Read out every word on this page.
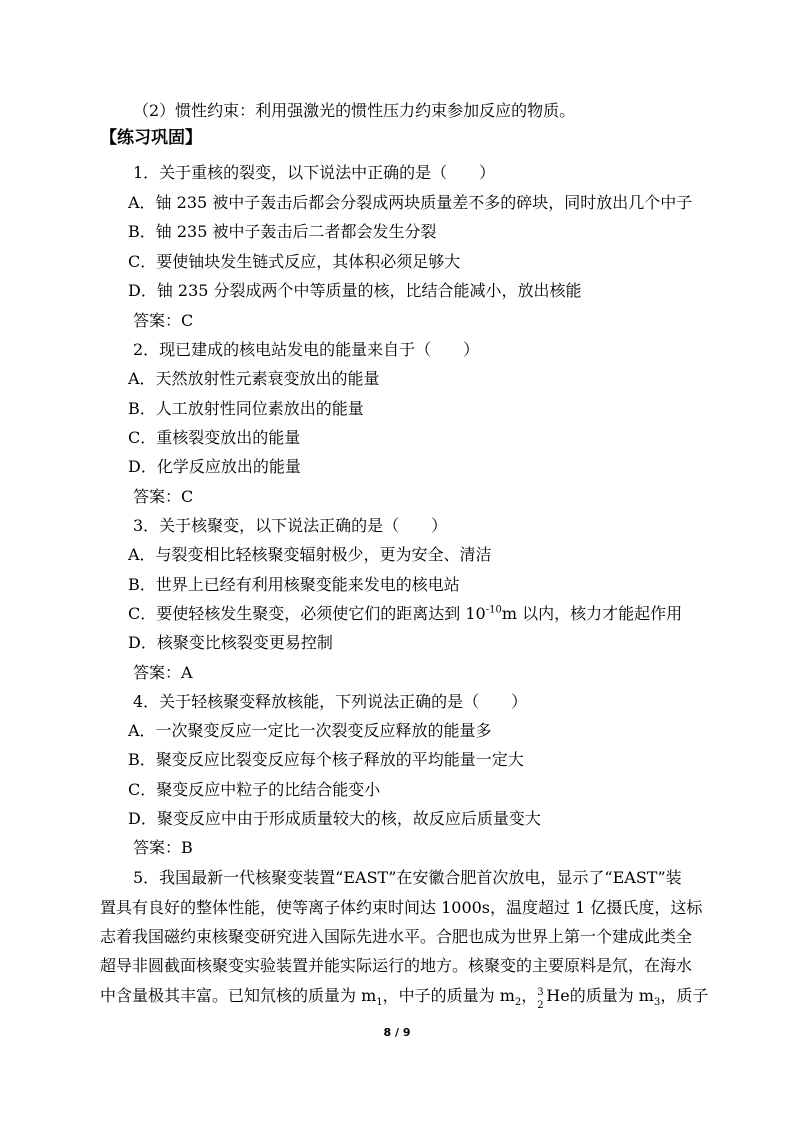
（2）惯性约束：利用强激光的惯性压力约束参加反应的物质。
【练习巩固】
1．关于重核的裂变，以下说法中正确的是（　　）
A．铀 235 被中子轰击后都会分裂成两块质量差不多的碎块，同时放出几个中子
B．铀 235 被中子轰击后二者都会发生分裂
C．要使铀块发生链式反应，其体积必须足够大
D．铀 235 分裂成两个中等质量的核，比结合能减小，放出核能
答案：C
2．现已建成的核电站发电的能量来自于（　　）
A．天然放射性元素衰变放出的能量
B．人工放射性同位素放出的能量
C．重核裂变放出的能量
D．化学反应放出的能量
答案：C
3．关于核聚变，以下说法正确的是（　　）
A．与裂变相比轻核聚变辐射极少，更为安全、清洁
B．世界上已经有利用核聚变能来发电的核电站
C．要使轻核发生聚变，必须使它们的距离达到 $10^{-10}m$ 以内，核力才能起作用
D．核聚变比核裂变更易控制
答案：A
4．关于轻核聚变释放核能，下列说法正确的是（　　）
A．一次聚变反应一定比一次裂变反应释放的能量多
B．聚变反应比裂变反应每个核子释放的平均能量一定大
C．聚变反应中粒子的比结合能变小
D．聚变反应中由于形成质量较大的核，故反应后质量变大
答案：B
5．我国最新一代核聚变装置“EAST”在安徽合肥首次放电，显示了“EAST”装
置具有良好的整体性能，使等离子体约束时间达 1000s，温度超过 1 亿摄氏度，这标
志着我国磁约束核聚变研究进入国际先进水平。合肥也成为世界上第一个建成此类全
超导非圆截面核聚变实验装置并能实际运行的地方。核聚变的主要原料是氘，在海水
中含量极其丰富。已知氘核的质量为 $m_1$，中子的质量为 $m_2$， 3
2
He的质量为 $m_3$，质子
8 / 9
